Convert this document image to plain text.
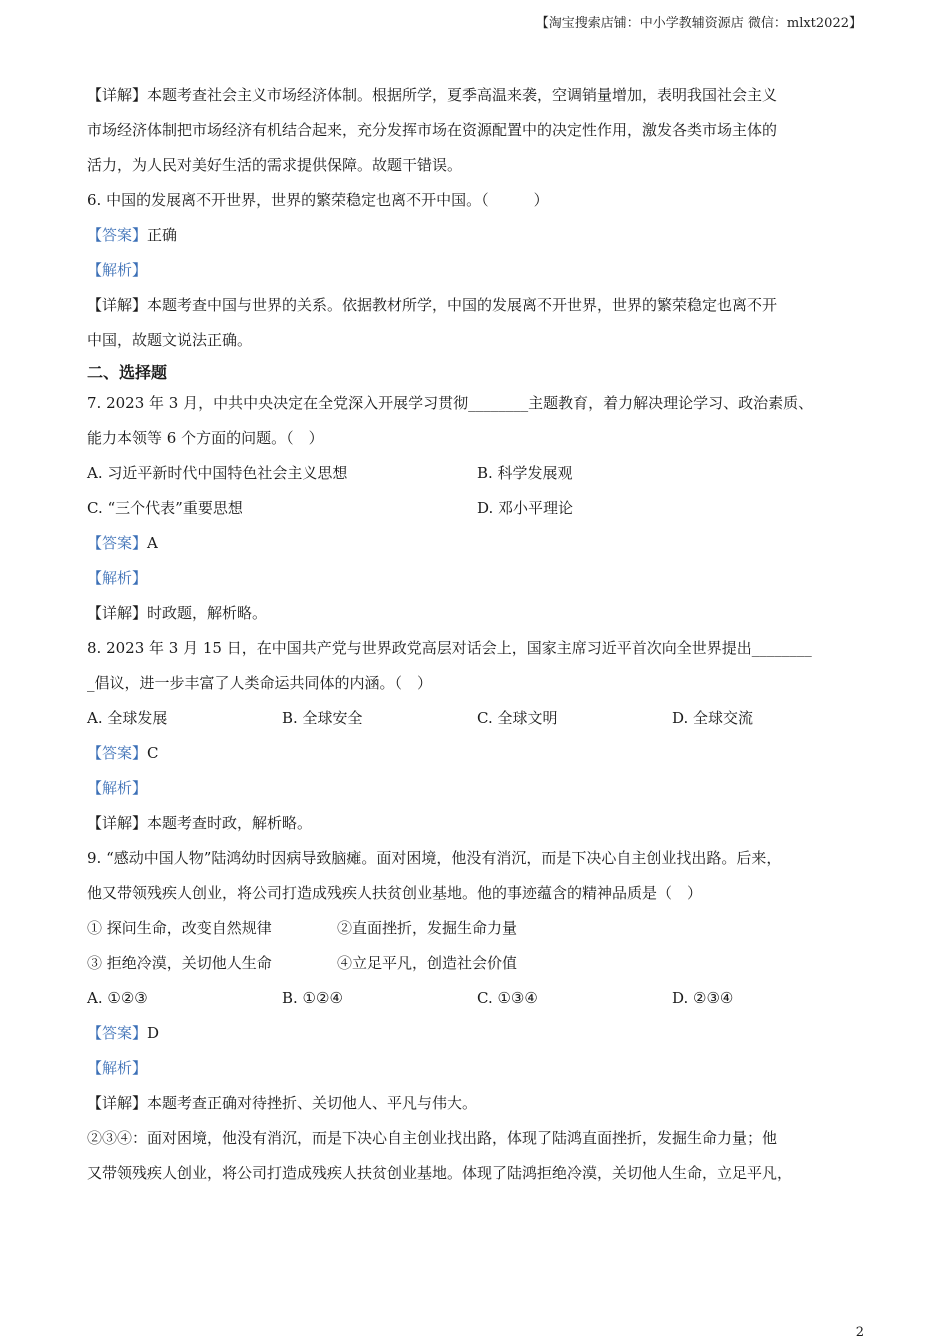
【淘宝搜索店铺：中小学教辅资源店 微信：mlxt2022】
【详解】本题考查社会主义市场经济体制。根据所学，夏季高温来袭，空调销量增加，表明我国社会主义
市场经济体制把市场经济有机结合起来，充分发挥市场在资源配置中的决定性作用，激发各类市场主体的
活力，为人民对美好生活的需求提供保障。故题干错误。
6. 中国的发展离不开世界，世界的繁荣稳定也离不开中国。（　　　）
【答案】正确
【解析】
【详解】本题考查中国与世界的关系。依据教材所学，中国的发展离不开世界，世界的繁荣稳定也离不开
中国，故题文说法正确。
二、选择题
7. 2023 年 3 月，中共中央决定在全党深入开展学习贯彻________主题教育，着力解决理论学习、政治素质、
能力本领等 6 个方面的问题。（　）
A. 习近平新时代中国特色社会主义思想	B. 科学发展观
C. “三个代表”重要思想	D. 邓小平理论
【答案】A
【解析】
【详解】时政题，解析略。
8. 2023 年 3 月 15 日，在中国共产党与世界政党高层对话会上，国家主席习近平首次向全世界提出________
_倡议，进一步丰富了人类命运共同体的内涵。（　）
A. 全球发展	B. 全球安全	C. 全球文明	D. 全球交流
【答案】C
【解析】
【详解】本题考查时政，解析略。
9. “感动中国人物”陆鸿幼时因病导致脑瘫。面对困境，他没有消沉，而是下决心自主创业找出路。后来，
他又带领残疾人创业，将公司打造成残疾人扶贫创业基地。他的事迹蕴含的精神品质是（　）
① 探问生命，改变自然规律	②直面挫折，发掘生命力量
③ 拒绝冷漠，关切他人生命	④立足平凡，创造社会价值
A. ①②③	B. ①②④	C. ①③④	D. ②③④
【答案】D
【解析】
【详解】本题考查正确对待挫折、关切他人、平凡与伟大。
②③④：面对困境，他没有消沉，而是下决心自主创业找出路，体现了陆鸿直面挫折，发掘生命力量；他
又带领残疾人创业，将公司打造成残疾人扶贫创业基地。体现了陆鸿拒绝冷漠，关切他人生命，立足平凡，
2
